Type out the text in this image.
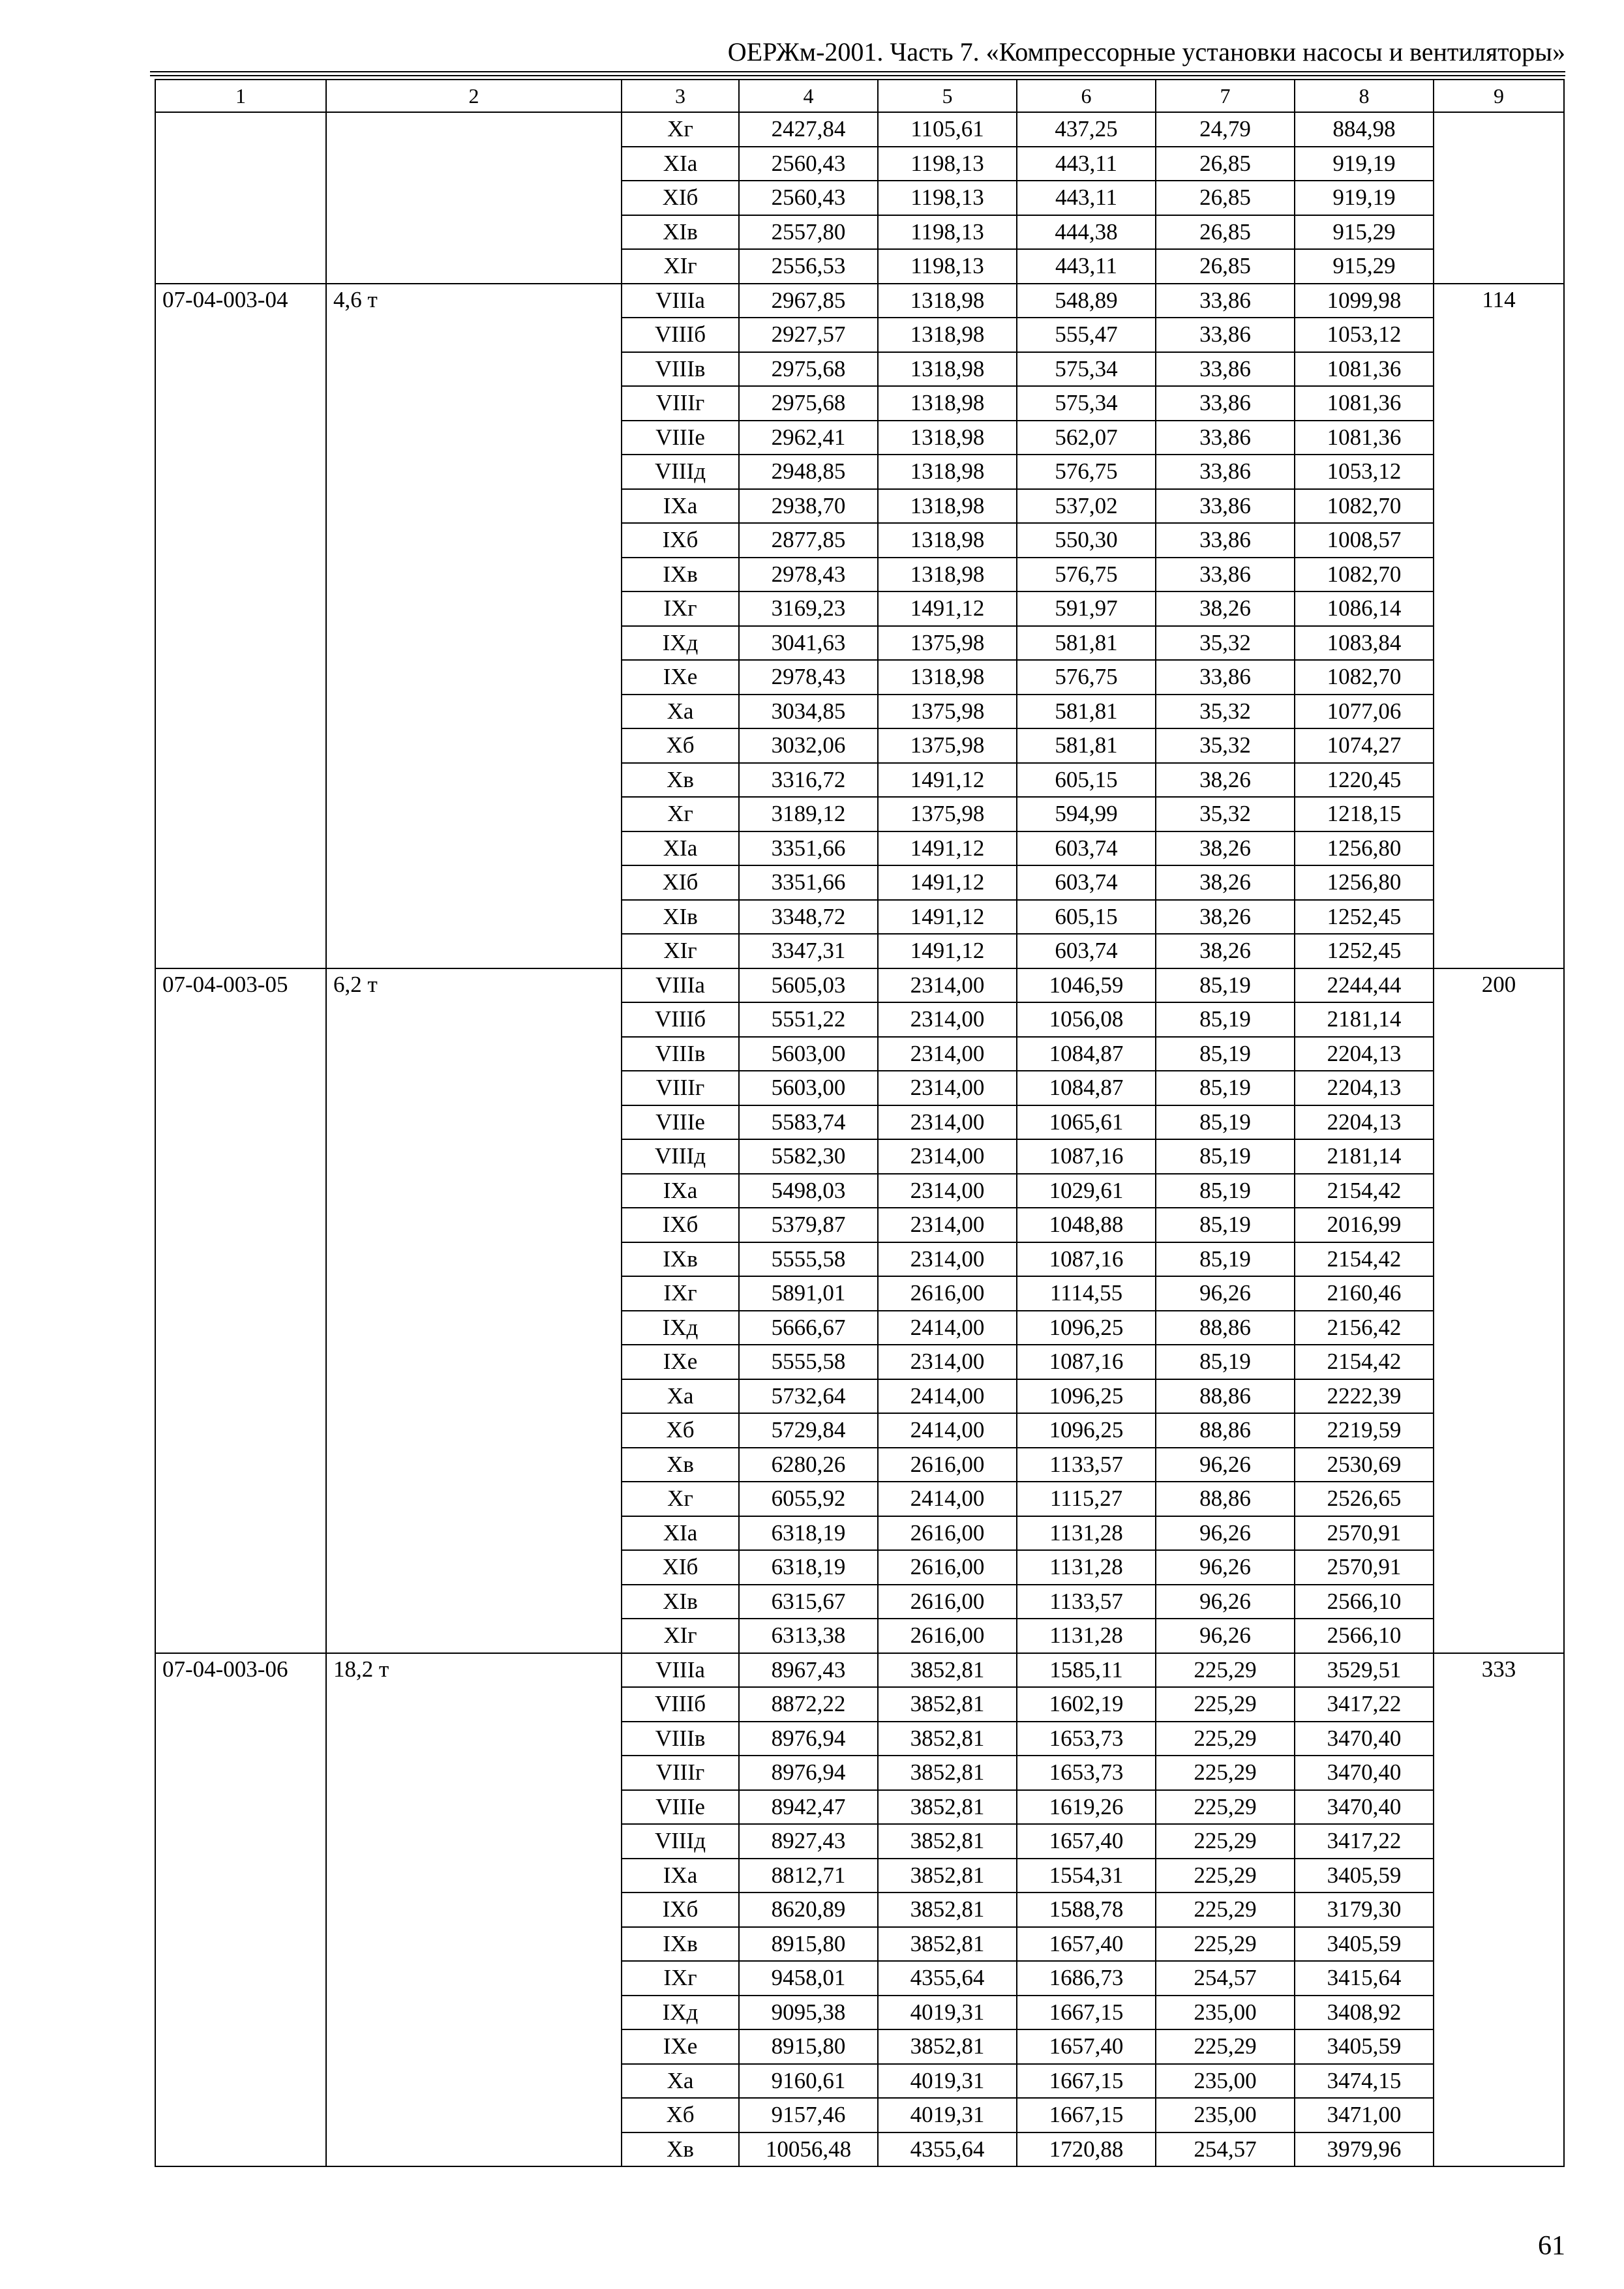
ОЕРЖм-2001. Часть 7. «Компрессорные установки насосы и вентиляторы»
1	2	3	4	5	6	7	8	9
		Xг	2427,84	1105,61	437,25	24,79	884,98	
		XIа	2560,43	1198,13	443,11	26,85	919,19	
		XIб	2560,43	1198,13	443,11	26,85	919,19	
		XIв	2557,80	1198,13	444,38	26,85	915,29	
		XIг	2556,53	1198,13	443,11	26,85	915,29	
07-04-003-04	4,6 т	VIIIа	2967,85	1318,98	548,89	33,86	1099,98	114
		VIIIб	2927,57	1318,98	555,47	33,86	1053,12	
		VIIIв	2975,68	1318,98	575,34	33,86	1081,36	
		VIIIг	2975,68	1318,98	575,34	33,86	1081,36	
		VIIIе	2962,41	1318,98	562,07	33,86	1081,36	
		VIIIд	2948,85	1318,98	576,75	33,86	1053,12	
		IXа	2938,70	1318,98	537,02	33,86	1082,70	
		IXб	2877,85	1318,98	550,30	33,86	1008,57	
		IXв	2978,43	1318,98	576,75	33,86	1082,70	
		IXг	3169,23	1491,12	591,97	38,26	1086,14	
		IXд	3041,63	1375,98	581,81	35,32	1083,84	
		IXе	2978,43	1318,98	576,75	33,86	1082,70	
		Xа	3034,85	1375,98	581,81	35,32	1077,06	
		Xб	3032,06	1375,98	581,81	35,32	1074,27	
		Xв	3316,72	1491,12	605,15	38,26	1220,45	
		Xг	3189,12	1375,98	594,99	35,32	1218,15	
		XIа	3351,66	1491,12	603,74	38,26	1256,80	
		XIб	3351,66	1491,12	603,74	38,26	1256,80	
		XIв	3348,72	1491,12	605,15	38,26	1252,45	
		XIг	3347,31	1491,12	603,74	38,26	1252,45	
07-04-003-05	6,2 т	VIIIа	5605,03	2314,00	1046,59	85,19	2244,44	200
		VIIIб	5551,22	2314,00	1056,08	85,19	2181,14	
		VIIIв	5603,00	2314,00	1084,87	85,19	2204,13	
		VIIIг	5603,00	2314,00	1084,87	85,19	2204,13	
		VIIIе	5583,74	2314,00	1065,61	85,19	2204,13	
		VIIIд	5582,30	2314,00	1087,16	85,19	2181,14	
		IXа	5498,03	2314,00	1029,61	85,19	2154,42	
		IXб	5379,87	2314,00	1048,88	85,19	2016,99	
		IXв	5555,58	2314,00	1087,16	85,19	2154,42	
		IXг	5891,01	2616,00	1114,55	96,26	2160,46	
		IXд	5666,67	2414,00	1096,25	88,86	2156,42	
		IXе	5555,58	2314,00	1087,16	85,19	2154,42	
		Xа	5732,64	2414,00	1096,25	88,86	2222,39	
		Xб	5729,84	2414,00	1096,25	88,86	2219,59	
		Xв	6280,26	2616,00	1133,57	96,26	2530,69	
		Xг	6055,92	2414,00	1115,27	88,86	2526,65	
		XIа	6318,19	2616,00	1131,28	96,26	2570,91	
		XIб	6318,19	2616,00	1131,28	96,26	2570,91	
		XIв	6315,67	2616,00	1133,57	96,26	2566,10	
		XIг	6313,38	2616,00	1131,28	96,26	2566,10	
07-04-003-06	18,2 т	VIIIа	8967,43	3852,81	1585,11	225,29	3529,51	333
		VIIIб	8872,22	3852,81	1602,19	225,29	3417,22	
		VIIIв	8976,94	3852,81	1653,73	225,29	3470,40	
		VIIIг	8976,94	3852,81	1653,73	225,29	3470,40	
		VIIIе	8942,47	3852,81	1619,26	225,29	3470,40	
		VIIIд	8927,43	3852,81	1657,40	225,29	3417,22	
		IXа	8812,71	3852,81	1554,31	225,29	3405,59	
		IXб	8620,89	3852,81	1588,78	225,29	3179,30	
		IXв	8915,80	3852,81	1657,40	225,29	3405,59	
		IXг	9458,01	4355,64	1686,73	254,57	3415,64	
		IXд	9095,38	4019,31	1667,15	235,00	3408,92	
		IXе	8915,80	3852,81	1657,40	225,29	3405,59	
		Xа	9160,61	4019,31	1667,15	235,00	3474,15	
		Xб	9157,46	4019,31	1667,15	235,00	3471,00	
		Xв	10056,48	4355,64	1720,88	254,57	3979,96	
61
